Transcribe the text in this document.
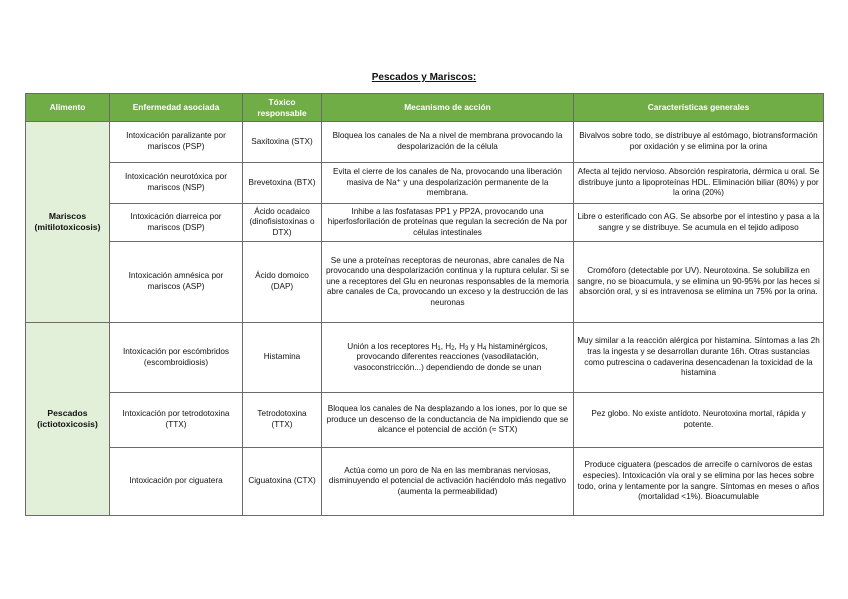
Pescados y Mariscos:
Alimento	Enfermedad asociada	Tóxico responsable	Mecanismo de acción	Características generales

Mariscos
(mitilotoxicosis)	Intoxicación paralizante por mariscos (PSP)	Saxitoxina (STX)	Bloquea los canales de Na a nivel de membrana provocando la despolarización de la célula	Bivalvos sobre todo, se distribuye al estómago, biotransformación por oxidación y se elimina por la orina
	Intoxicación neurotóxica por mariscos (NSP)	Brevetoxina (BTX)	Evita el cierre de los canales de Na, provocando una liberación masiva de Na⁺ y una despolarización permanente de la membrana.	Afecta al tejido nervioso. Absorción respiratoria, dérmica u oral. Se distribuye junto a lipoproteínas HDL. Eliminación biliar (80%) y por la orina (20%)
	Intoxicación diarreica por mariscos (DSP)	Ácido ocadaico (dinofisistoxinas o DTX)	Inhibe a las fosfatasas PP1 y PP2A, provocando una hiperfosforilación de proteínas que regulan la secreción de Na por células intestinales	Libre o esterificado con AG. Se absorbe por el intestino y pasa a la sangre y se distribuye. Se acumula en el tejido adiposo
	Intoxicación amnésica por mariscos (ASP)	Ácido domoico (DAP)	Se une a proteínas receptoras de neuronas, abre canales de Na provocando una despolarización continua y la ruptura celular. Si se une a receptores del Glu en neuronas responsables de la memoria abre canales de Ca, provocando un exceso y la destrucción de las neuronas	Cromóforo (detectable por UV). Neurotoxina. Se solubiliza en sangre, no se bioacumula, y se elimina un 90-95% por las heces si absorción oral, y si es intravenosa se elimina un 75% por la orina.

Pescados
(ictiotoxicosis)	Intoxicación por escómbridos (escombroidiosis)	Histamina	Unión a los receptores $H_1$, $H_2$, $H_3$ y $H_4$ histaminérgicos, provocando diferentes reacciones (vasodilatación, vasoconstricción...) dependiendo de donde se unan	Muy similar a la reacción alérgica por histamina. Síntomas a las 2h tras la ingesta y se desarrollan durante 16h. Otras sustancias como putrescina o cadaverina desencadenan la toxicidad de la histamina
	Intoxicación por tetrodotoxina (TTX)	Tetrodotoxina (TTX)	Bloquea los canales de Na desplazando a los iones, por lo que se produce un descenso de la conductancia de Na impidiendo que se alcance el potencial de acción (≈ STX)	Pez globo. No existe antídoto. Neurotoxina mortal, rápida y potente.
	Intoxicación por ciguatera	Ciguatoxina (CTX)	Actúa como un poro de Na en las membranas nerviosas, disminuyendo el potencial de activación haciéndolo más negativo (aumenta la permeabilidad)	Produce ciguatera (pescados de arrecife o carnívoros de estas especies). Intoxicación vía oral y se elimina por las heces sobre todo, orina y lentamente por la sangre. Síntomas en meses o años (mortalidad <1%). Bioacumulable
